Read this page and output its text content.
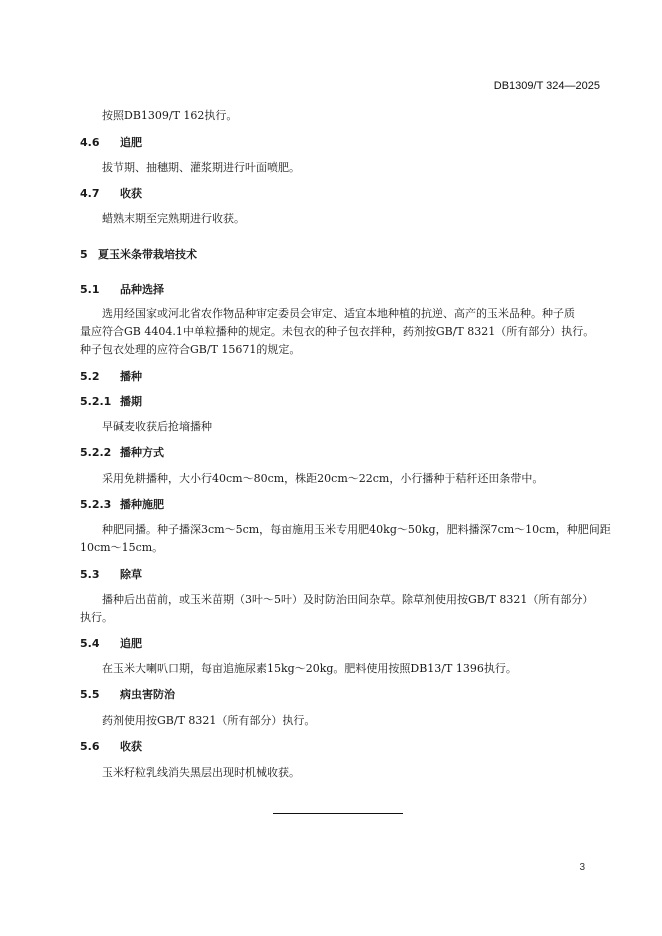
DB1309/T 324—2025
按照DB1309/T 162执行。
4.6 追肥
拔节期、抽穗期、灌浆期进行叶面喷肥。
4.7 收获
蜡熟末期至完熟期进行收获。
5 夏玉米条带栽培技术
5.1 品种选择
选用经国家或河北省农作物品种审定委员会审定、适宜本地种植的抗逆、高产的玉米品种。种子质
量应符合GB 4404.1中单粒播种的规定。未包衣的种子包衣拌种，药剂按GB/T 8321（所有部分）执行。
种子包衣处理的应符合GB/T 15671的规定。
5.2 播种
5.2.1 播期
早碱麦收获后抢墒播种
5.2.2 播种方式
采用免耕播种，大小行40cm～80cm，株距20cm～22cm，小行播种于秸秆还田条带中。
5.2.3 播种施肥
种肥同播。种子播深3cm～5cm，每亩施用玉米专用肥40kg～50kg，肥料播深7cm～10cm，种肥间距
10cm～15cm。
5.3 除草
播种后出苗前，或玉米苗期（3叶～5叶）及时防治田间杂草。除草剂使用按GB/T 8321（所有部分）
执行。
5.4 追肥
在玉米大喇叭口期，每亩追施尿素15kg～20kg。肥料使用按照DB13/T 1396执行。
5.5 病虫害防治
药剂使用按GB/T 8321（所有部分）执行。
5.6 收获
玉米籽粒乳线消失黑层出现时机械收获。
3
